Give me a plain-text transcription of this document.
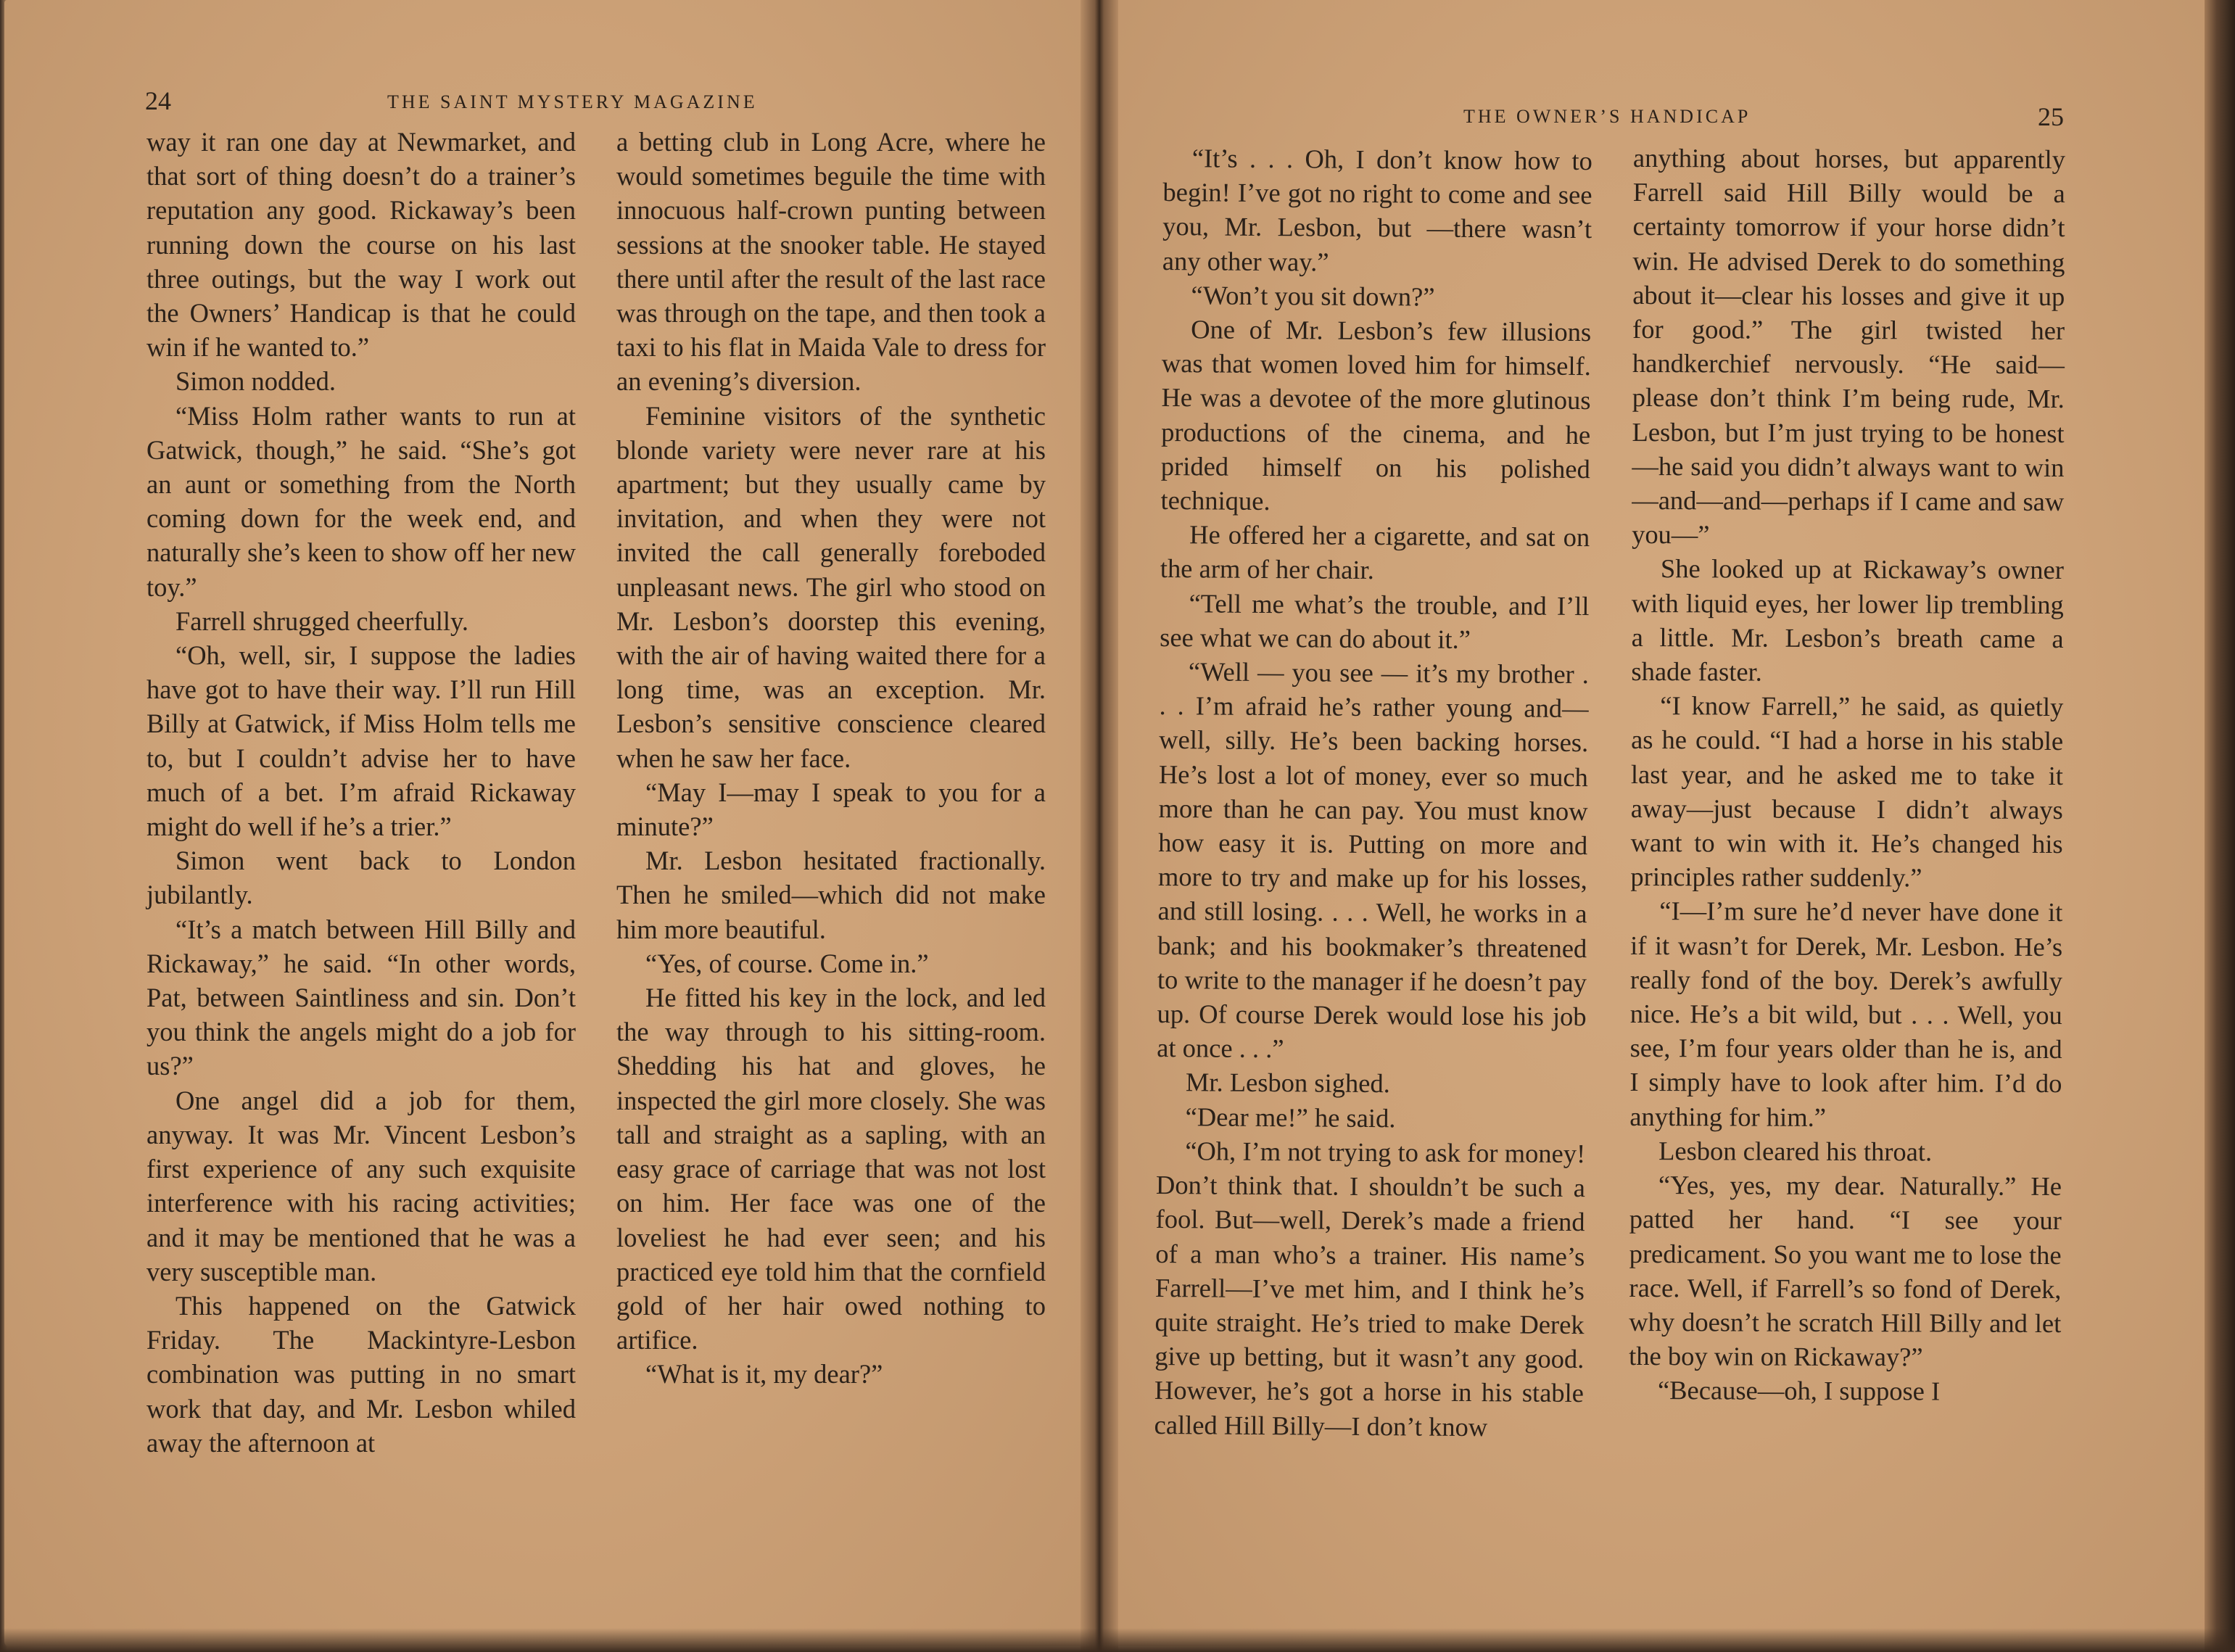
24	THE SAINT MYSTERY MAGAZINE
THE OWNER’S HANDICAP	25

way it ran one day at Newmarket, and that sort of thing doesn’t do a trainer’s reputation any good. Rickaway’s been running down the course on his last three outings, but the way I work out the Owners’ Handicap is that he could win if he wanted to.”

Simon nodded.

“Miss Holm rather wants to run at Gatwick, though,” he said. “She’s got an aunt or something from the North coming down for the week end, and naturally she’s keen to show off her new toy.”

Farrell shrugged cheerfully.

“Oh, well, sir, I suppose the ladies have got to have their way. I’ll run Hill Billy at Gatwick, if Miss Holm tells me to, but I couldn’t advise her to have much of a bet. I’m afraid Rickaway might do well if he’s a trier.”

Simon went back to London jubilantly.

“It’s a match between Hill Billy and Rickaway,” he said. “In other words, Pat, between Saintliness and sin. Don’t you think the angels might do a job for us?”

One angel did a job for them, anyway. It was Mr. Vincent Lesbon’s first experience of any such exquisite interference with his racing activities; and it may be mentioned that he was a very susceptible man.

This happened on the Gatwick Friday. The Mackintyre-Lesbon combination was putting in no smart work that day, and Mr. Lesbon whiled away the afternoon at

a betting club in Long Acre, where he would sometimes beguile the time with innocuous half-crown punting between sessions at the snooker table. He stayed there until after the result of the last race was through on the tape, and then took a taxi to his flat in Maida Vale to dress for an evening’s diversion.

Feminine visitors of the synthetic blonde variety were never rare at his apartment; but they usually came by invitation, and when they were not invited the call generally foreboded unpleasant news. The girl who stood on Mr. Lesbon’s doorstep this evening, with the air of having waited there for a long time, was an exception. Mr. Lesbon’s sensitive conscience cleared when he saw her face.

“May I—may I speak to you for a minute?”

Mr. Lesbon hesitated fractionally. Then he smiled—which did not make him more beautiful.

“Yes, of course. Come in.”

He fitted his key in the lock, and led the way through to his sitting-room. Shedding his hat and gloves, he inspected the girl more closely. She was tall and straight as a sapling, with an easy grace of carriage that was not lost on him. Her face was one of the loveliest he had ever seen; and his practiced eye told him that the cornfield gold of her hair owed nothing to artifice.

“What is it, my dear?”

“It’s . . . Oh, I don’t know how to begin! I’ve got no right to come and see you, Mr. Lesbon, but —there wasn’t any other way.”

“Won’t you sit down?”

One of Mr. Lesbon’s few illusions was that women loved him for himself. He was a devotee of the more glutinous productions of the cinema, and he prided himself on his polished technique.

He offered her a cigarette, and sat on the arm of her chair.

“Tell me what’s the trouble, and I’ll see what we can do about it.”

“Well — you see — it’s my brother . . . I’m afraid he’s rather young and—well, silly. He’s been backing horses. He’s lost a lot of money, ever so much more than he can pay. You must know how easy it is. Putting on more and more to try and make up for his losses, and still losing. . . . Well, he works in a bank; and his bookmaker’s threatened to write to the manager if he doesn’t pay up. Of course Derek would lose his job at once . . .”

Mr. Lesbon sighed.

“Dear me!” he said.

“Oh, I’m not trying to ask for money! Don’t think that. I shouldn’t be such a fool. But—well, Derek’s made a friend of a man who’s a trainer. His name’s Farrell—I’ve met him, and I think he’s quite straight. He’s tried to make Derek give up betting, but it wasn’t any good. However, he’s got a horse in his stable called Hill Billy—I don’t know

anything about horses, but apparently Farrell said Hill Billy would be a certainty tomorrow if your horse didn’t win. He advised Derek to do something about it—clear his losses and give it up for good.” The girl twisted her handkerchief nervously. “He said—please don’t think I’m being rude, Mr. Lesbon, but I’m just trying to be honest—he said you didn’t always want to win—and—and—perhaps if I came and saw you—”

She looked up at Rickaway’s owner with liquid eyes, her lower lip trembling a little. Mr. Lesbon’s breath came a shade faster.

“I know Farrell,” he said, as quietly as he could. “I had a horse in his stable last year, and he asked me to take it away—just because I didn’t always want to win with it. He’s changed his principles rather suddenly.”

“I—I’m sure he’d never have done it if it wasn’t for Derek, Mr. Lesbon. He’s really fond of the boy. Derek’s awfully nice. He’s a bit wild, but . . . Well, you see, I’m four years older than he is, and I simply have to look after him. I’d do anything for him.”

Lesbon cleared his throat.

“Yes, yes, my dear. Naturally.” He patted her hand. “I see your predicament. So you want me to lose the race. Well, if Farrell’s so fond of Derek, why doesn’t he scratch Hill Billy and let the boy win on Rickaway?”

“Because—oh, I suppose I
